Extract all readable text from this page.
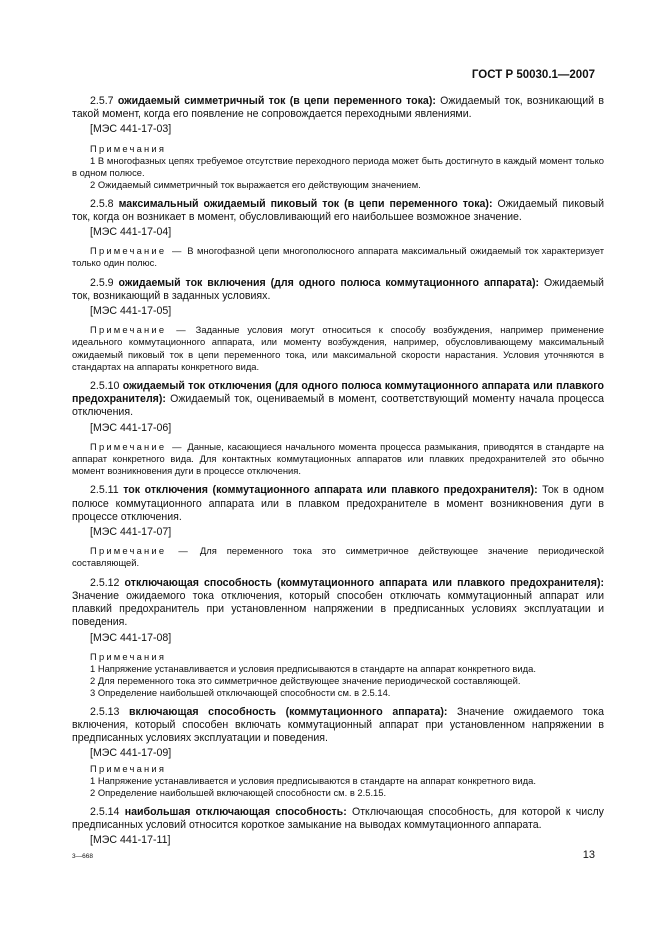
ГОСТ Р 50030.1—2007

2.5.7 ожидаемый симметричный ток (в цепи переменного тока): Ожидаемый ток, возникающий в такой момент, когда его появление не сопровождается переходными явлениями.

[МЭС 441-17-03]

Примечания

1 В многофазных цепях требуемое отсутствие переходного периода может быть достигнуто в каждый момент только в одном полюсе.

2 Ожидаемый симметричный ток выражается его действующим значением.

2.5.8 максимальный ожидаемый пиковый ток (в цепи переменного тока): Ожидаемый пиковый ток, когда он возникает в момент, обусловливающий его наибольшее возможное значение.

[МЭС 441-17-04]

Примечание — В многофазной цепи многополюсного аппарата максимальный ожидаемый ток характеризует только один полюс.

2.5.9 ожидаемый ток включения (для одного полюса коммутационного аппарата): Ожидаемый ток, возникающий в заданных условиях.

[МЭС 441-17-05]

Примечание — Заданные условия могут относиться к способу возбуждения, например применение идеального коммутационного аппарата, или моменту возбуждения, например, обусловливающему максимальный ожидаемый пиковый ток в цепи переменного тока, или максимальной скорости нарастания. Условия уточняются в стандартах на аппараты конкретного вида.

2.5.10 ожидаемый ток отключения (для одного полюса коммутационного аппарата или плавкого предохранителя): Ожидаемый ток, оцениваемый в момент, соответствующий моменту начала процесса отключения.

[МЭС 441-17-06]

Примечание — Данные, касающиеся начального момента процесса размыкания, приводятся в стандарте на аппарат конкретного вида. Для контактных коммутационных аппаратов или плавких предохранителей это обычно момент возникновения дуги в процессе отключения.

2.5.11 ток отключения (коммутационного аппарата или плавкого предохранителя): Ток в одном полюсе коммутационного аппарата или в плавком предохранителе в момент возникновения дуги в процессе отключения.

[МЭС 441-17-07]

Примечание — Для переменного тока это симметричное действующее значение периодической составляющей.

2.5.12 отключающая способность (коммутационного аппарата или плавкого предохранителя): Значение ожидаемого тока отключения, который способен отключать коммутационный аппарат или плавкий предохранитель при установленном напряжении в предписанных условиях эксплуатации и поведения.

[МЭС 441-17-08]

Примечания

1 Напряжение устанавливается и условия предписываются в стандарте на аппарат конкретного вида.

2 Для переменного тока это симметричное действующее значение периодической составляющей.

3 Определение наибольшей отключающей способности см. в 2.5.14.

2.5.13 включающая способность (коммутационного аппарата): Значение ожидаемого тока включения, который способен включать коммутационный аппарат при установленном напряжении в предписанных условиях эксплуатации и поведения.

[МЭС 441-17-09]

Примечания

1 Напряжение устанавливается и условия предписываются в стандарте на аппарат конкретного вида.

2 Определение наибольшей включающей способности см. в 2.5.15.

2.5.14 наибольшая отключающая способность: Отключающая способность, для которой к числу предписанных условий относится короткое замыкание на выводах коммутационного аппарата.

[МЭС 441-17-11]

3—668	13
